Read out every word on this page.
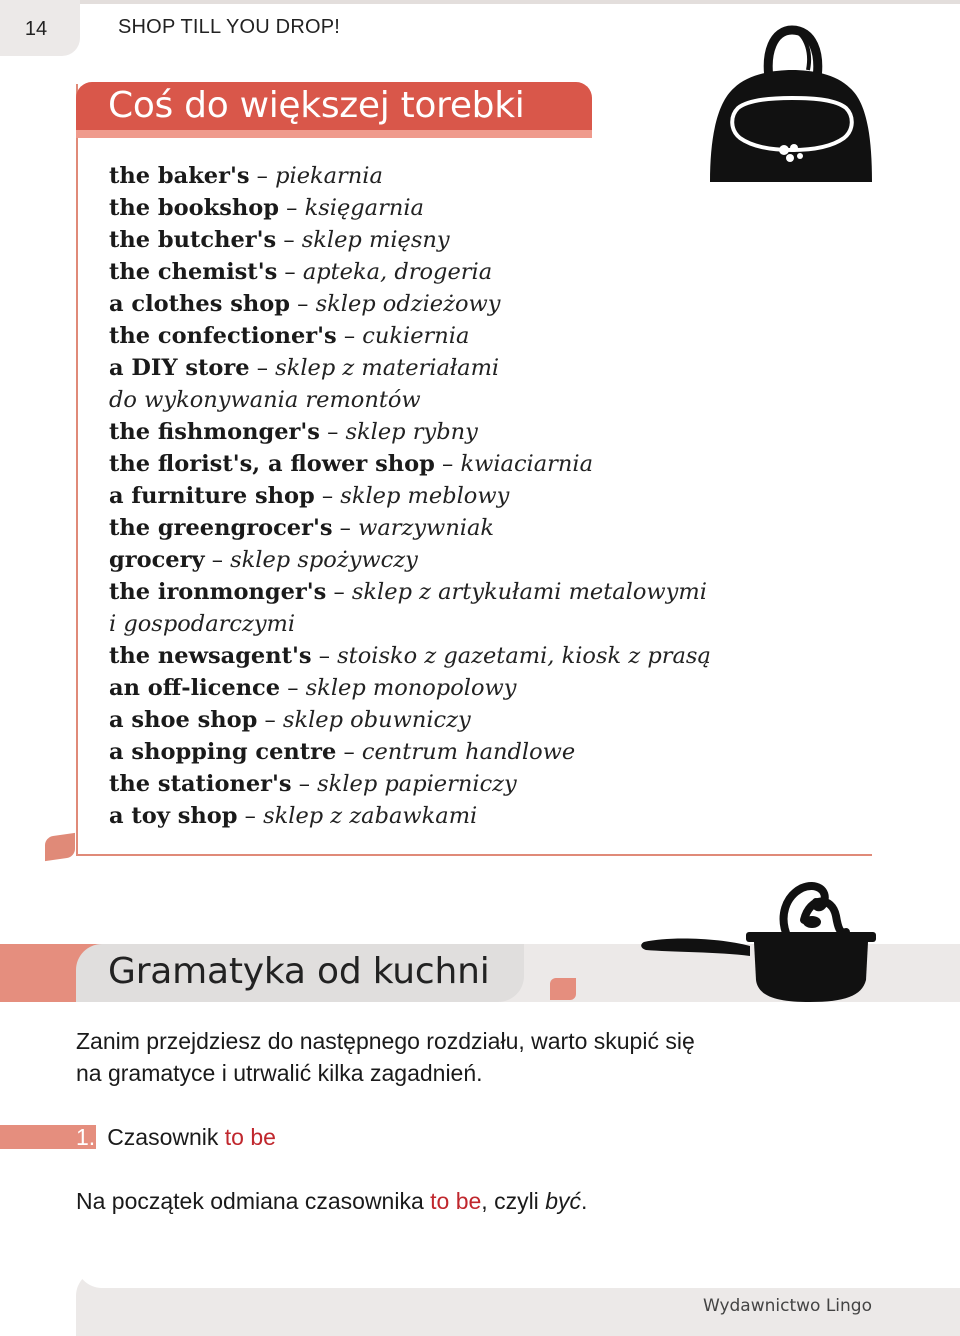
14	SHOP TILL YOU DROP!
Coś do większej torebki
the baker's – piekarnia
the bookshop – księgarnia
the butcher's – sklep mięsny
the chemist's – apteka, drogeria
a clothes shop – sklep odzieżowy
the confectioner's – cukiernia
a DIY store – sklep z materiałami
do wykonywania remontów
the fishmonger's – sklep rybny
the florist's, a flower shop – kwiaciarnia
a furniture shop – sklep meblowy
the greengrocer's – warzywniak
grocery – sklep spożywczy
the ironmonger's – sklep z artykułami metalowymi
i gospodarczymi
the newsagent's – stoisko z gazetami, kiosk z prasą
an off-licence – sklep monopolowy
a shoe shop – sklep obuwniczy
a shopping centre – centrum handlowe
the stationer's – sklep papierniczy
a toy shop – sklep z zabawkami
Gramatyka od kuchni
Zanim przejdziesz do następnego rozdziału, warto skupić się
na gramatyce i utrwalić kilka zagadnień.
1. Czasownik to be
Na początek odmiana czasownika to be, czyli być.
Wydawnictwo Lingo
